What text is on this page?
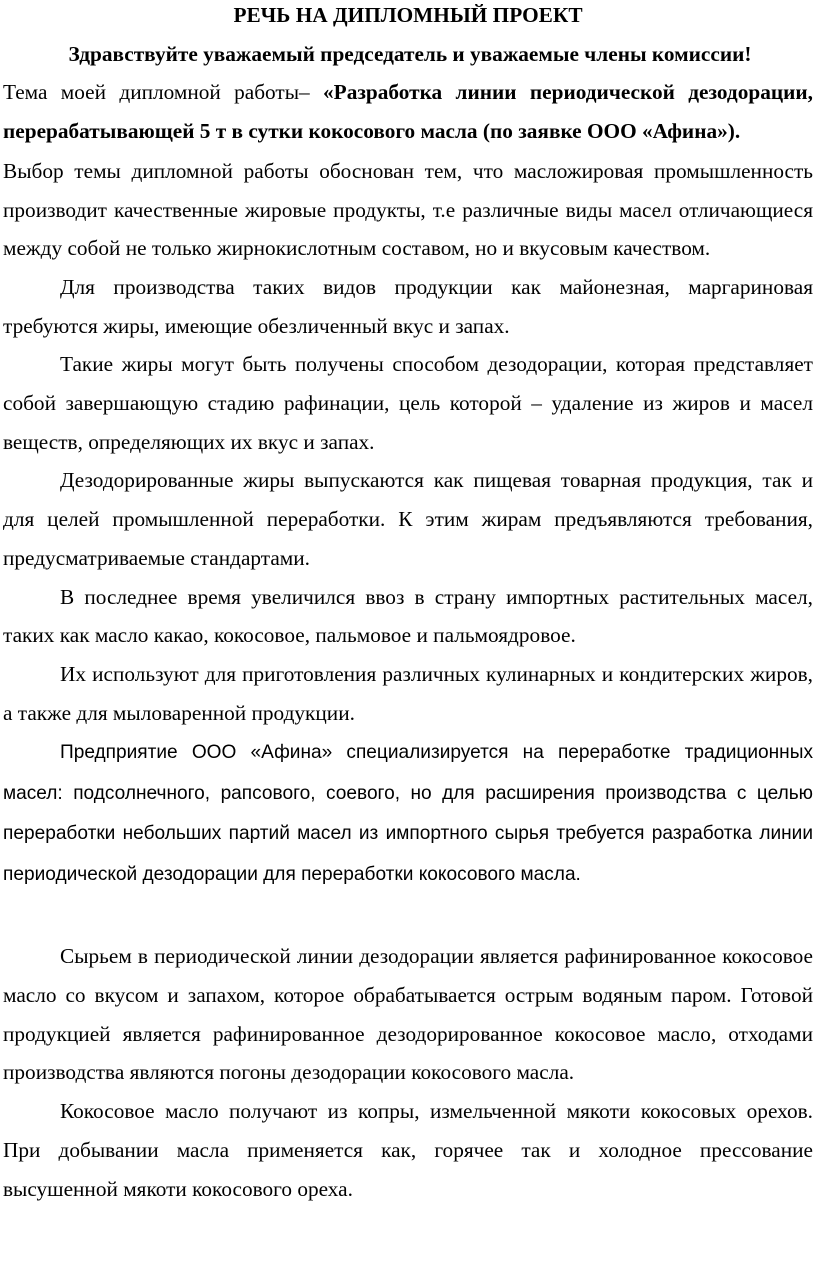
РЕЧЬ НА ДИПЛОМНЫЙ ПРОЕКТ

Здравствуйте уважаемый председатель и уважаемые члены комиссии!

Тема моей дипломной работы– «Разработка линии периодической дезодорации, перерабатывающей 5 т в сутки кокосового масла (по заявке ООО «Афина»).

Выбор темы дипломной работы обоснован тем, что масложировая промышленность производит качественные жировые продукты, т.е различные виды масел отличающиеся между собой не только жирнокислотным составом, но и вкусовым качеством.

Для производства таких видов продукции как майонезная, маргариновая требуются жиры, имеющие обезличенный вкус и запах.

Такие жиры могут быть получены способом дезодорации, которая представляет собой завершающую стадию рафинации, цель которой – удаление из жиров и масел веществ, определяющих их вкус и запах.

Дезодорированные жиры выпускаются как пищевая товарная продукция, так и для целей промышленной переработки. К этим жирам предъявляются требования, предусматриваемые стандартами.

В последнее время увеличился ввоз в страну импортных растительных масел, таких как масло какао, кокосовое, пальмовое и пальмоядровое.

Их используют для приготовления различных кулинарных и кондитерских жиров, а также для мыловаренной продукции.

Предприятие ООО «Афина» специализируется на переработке традиционных масел: подсолнечного, рапсового, соевого, но для расширения производства с целью переработки небольших партий масел из импортного сырья требуется разработка линии периодической дезодорации для переработки кокосового масла.

Сырьем в периодической линии дезодорации является рафинированное кокосовое масло со вкусом и запахом, которое обрабатывается острым водяным паром. Готовой продукцией является рафинированное дезодорированное кокосовое масло, отходами производства являются погоны дезодорации кокосового масла.

Кокосовое масло получают из копры, измельченной мякоти кокосовых орехов. При добывании масла применяется как, горячее так и холодное прессование высушенной мякоти кокосового ореха.
